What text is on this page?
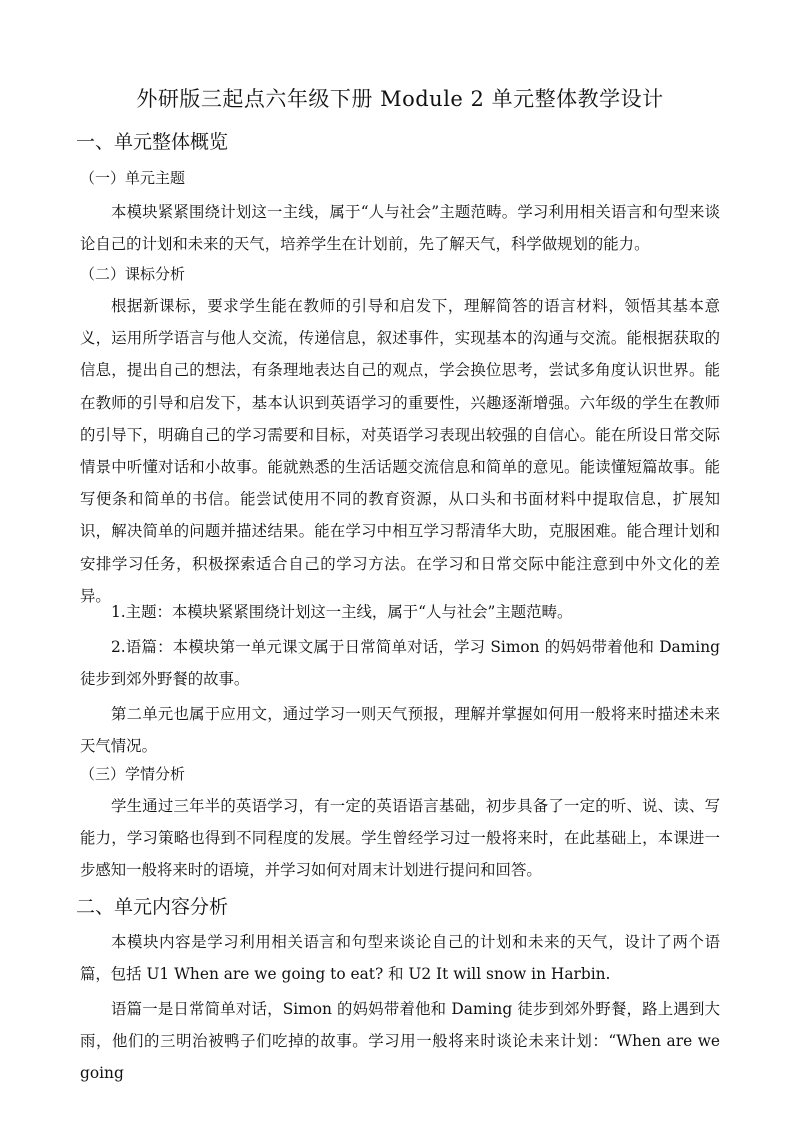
外研版三起点六年级下册 Module 2 单元整体教学设计
一、单元整体概览
（一）单元主题

本模块紧紧围绕计划这一主线，属于“人与社会”主题范畴。学习利用相关语言和句型来谈论自己的计划和未来的天气，培养学生在计划前，先了解天气，科学做规划的能力。

（二）课标分析

根据新课标，要求学生能在教师的引导和启发下，理解简答的语言材料，领悟其基本意义，运用所学语言与他人交流，传递信息，叙述事件，实现基本的沟通与交流。能根据获取的信息，提出自己的想法，有条理地表达自己的观点，学会换位思考，尝试多角度认识世界。能在教师的引导和启发下，基本认识到英语学习的重要性，兴趣逐渐增强。六年级的学生在教师的引导下，明确自己的学习需要和目标，对英语学习表现出较强的自信心。能在所设日常交际情景中听懂对话和小故事。能就熟悉的生活话题交流信息和简单的意见。能读懂短篇故事。能写便条和简单的书信。能尝试使用不同的教育资源，从口头和书面材料中提取信息，扩展知识，解决简单的问题并描述结果。能在学习中相互学习帮清华大助，克服困难。能合理计划和安排学习任务，积极探索适合自己的学习方法。在学习和日常交际中能注意到中外文化的差异。

1.主题：本模块紧紧围绕计划这一主线，属于“人与社会”主题范畴。

2.语篇：本模块第一单元课文属于日常简单对话，学习 Simon 的妈妈带着他和 Daming 徒步到郊外野餐的故事。

第二单元也属于应用文，通过学习一则天气预报，理解并掌握如何用一般将来时描述未来天气情况。

（三）学情分析

学生通过三年半的英语学习，有一定的英语语言基础，初步具备了一定的听、说、读、写能力，学习策略也得到不同程度的发展。学生曾经学习过一般将来时，在此基础上，本课进一步感知一般将来时的语境，并学习如何对周末计划进行提问和回答。

二、单元内容分析

本模块内容是学习利用相关语言和句型来谈论自己的计划和未来的天气，设计了两个语篇，包括 U1 When are we going to eat? 和 U2 It will snow in Harbin.

语篇一是日常简单对话，Simon 的妈妈带着他和 Daming 徒步到郊外野餐，路上遇到大雨，他们的三明治被鸭子们吃掉的故事。学习用一般将来时谈论未来计划：“When are we going
